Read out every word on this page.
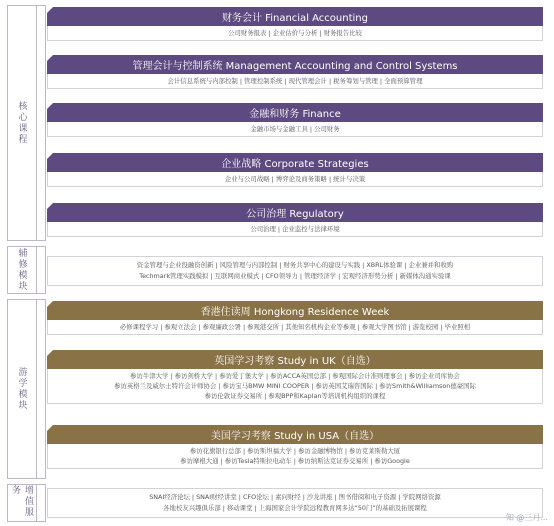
核心课程
辅修模块
游学模块
增值服务
财务会计 Financial Accounting
公司财务报表 | 企业估价与分析 | 财务报告比较
管理会计与控制系统 Management Accounting and Control Systems
会计信息系统与内部控制 | 管理控制系统 | 现代管理会计 | 税务筹划与管理 | 全面预算管理
金融和财务 Finance
金融市场与金融工具 | 公司财务
企业战略 Corporate Strategies
企业与公司战略 | 博弈论及商务策略 | 统计与决策
公司治理 Regulatory
公司治理 | 企业监控与法律环境
资金管理与企业投融资创新 | 风险管理与内部控制 | 财务共享中心的建设与实践 | XBRL体验课 | 企业兼并和收购
Techmark管理实践模拟 | 互联网商业模式 | CFO领导力 | 管理经济学 | 宏观经济形势分析 | 新媒体沟通实验课
香港住读周 Hongkong Residence Week
必修课程学习 | 参观立法会 | 参观廉政公署 | 参观港交所 | 其他知名机构企业等参观 | 参观大学图书馆 | 游览校园 | 毕业照相
英国学习考察 Study in UK（自选）
参访牛津大学 | 参访剑桥大学 | 参访爱丁堡大学 | 参访ACCA英国总部 | 参观国际会计准则理事会 | 参访企业司库协会
参访英格兰及威尔士特许会计师协会 | 参访宝马BMW MINI COOPER | 参访英国艾瑞咨国际 | 参访Smith&Williamson德豪国际
参访伦敦证券交易所 | 参观BPP和Kaplan等培训机构组织的课程
美国学习考察 Study in USA（自选）
参访花旗银行总部 | 参访斯坦福大学 | 参访金融博物馆 | 参访克莱斯勒大厦
参访摩根大通 | 参访Tesla特斯拉电动车 | 参访纳斯达克证券交易所 | 参访Google
SNAI经济论坛 | SNAI财经讲堂 | CFO论坛 | 素问财经 | 沙龙讲座 | 图书借阅和电子资源 | 学院网络资源
各地校友兴趣俱乐部 | 移动课堂 | 上海国家会计学院远程教育网多达“50门”的基础及拓展课程
知 @三月...
